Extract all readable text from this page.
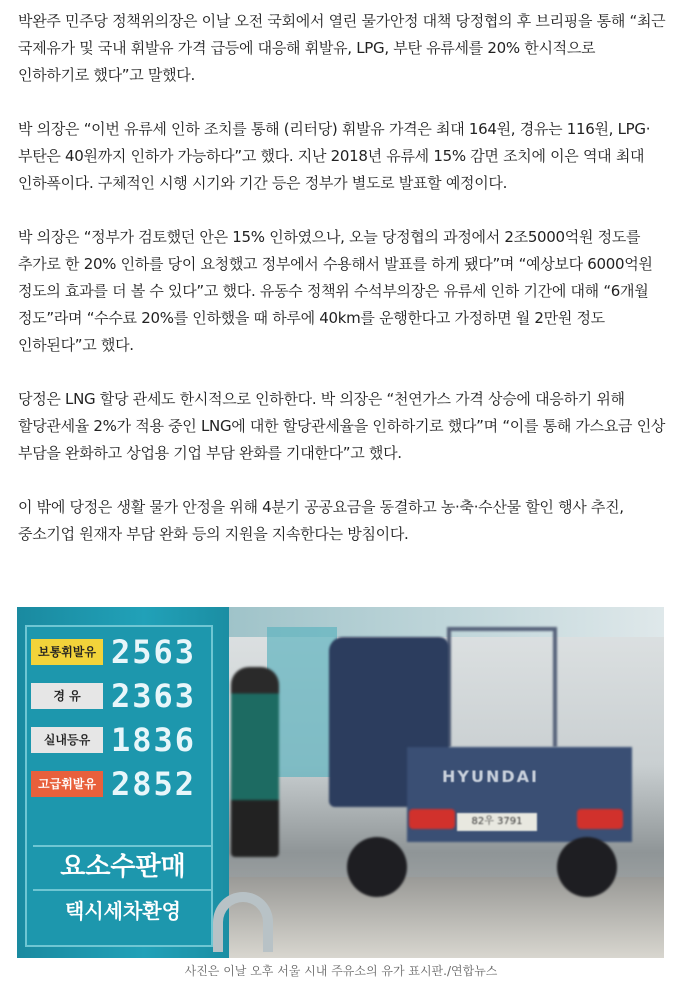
박완주 민주당 정책위의장은 이날 오전 국회에서 열린 물가안정 대책 당정협의 후 브리핑을 통해 “최근 국제유가 및 국내 휘발유 가격 급등에 대응해 휘발유, LPG, 부탄 유류세를 20% 한시적으로 인하하기로 했다”고 말했다.

박 의장은 “이번 유류세 인하 조치를 통해 (리터당) 휘발유 가격은 최대 164원, 경유는 116원, LPG·부탄은 40원까지 인하가 가능하다”고 했다. 지난 2018년 유류세 15% 감면 조치에 이은 역대 최대 인하폭이다. 구체적인 시행 시기와 기간 등은 정부가 별도로 발표할 예정이다.

박 의장은 “정부가 검토했던 안은 15% 인하였으나, 오늘 당정협의 과정에서 2조5000억원 정도를 추가로 한 20% 인하를 당이 요청했고 정부에서 수용해서 발표를 하게 됐다”며 “예상보다 6000억원 정도의 효과를 더 볼 수 있다”고 했다. 유동수 정책위 수석부의장은 유류세 인하 기간에 대해 “6개월 정도”라며 “수수료 20%를 인하했을 때 하루에 40km를 운행한다고 가정하면 월 2만원 정도 인하된다”고 했다.

당정은 LNG 할당 관세도 한시적으로 인하한다. 박 의장은 “천연가스 가격 상승에 대응하기 위해 할당관세율 2%가 적용 중인 LNG에 대한 할당관세율을 인하하기로 했다”며 “이를 통해 가스요금 인상 부담을 완화하고 상업용 기업 부담 완화를 기대한다”고 했다.

이 밖에 당정은 생활 물가 안정을 위해 4분기 공공요금을 동결하고 농·축·수산물 할인 행사 추진, 중소기업 원재자 부담 완화 등의 지원을 지속한다는 방침이다.

HYUNDAI
82우 3791
보통휘발유 2563
경 유 2363
실내등유 1836
고급휘발유 2852
요소수판매
택시세차환영
사진은 이날 오후 서울 시내 주유소의 유가 표시판./연합뉴스
